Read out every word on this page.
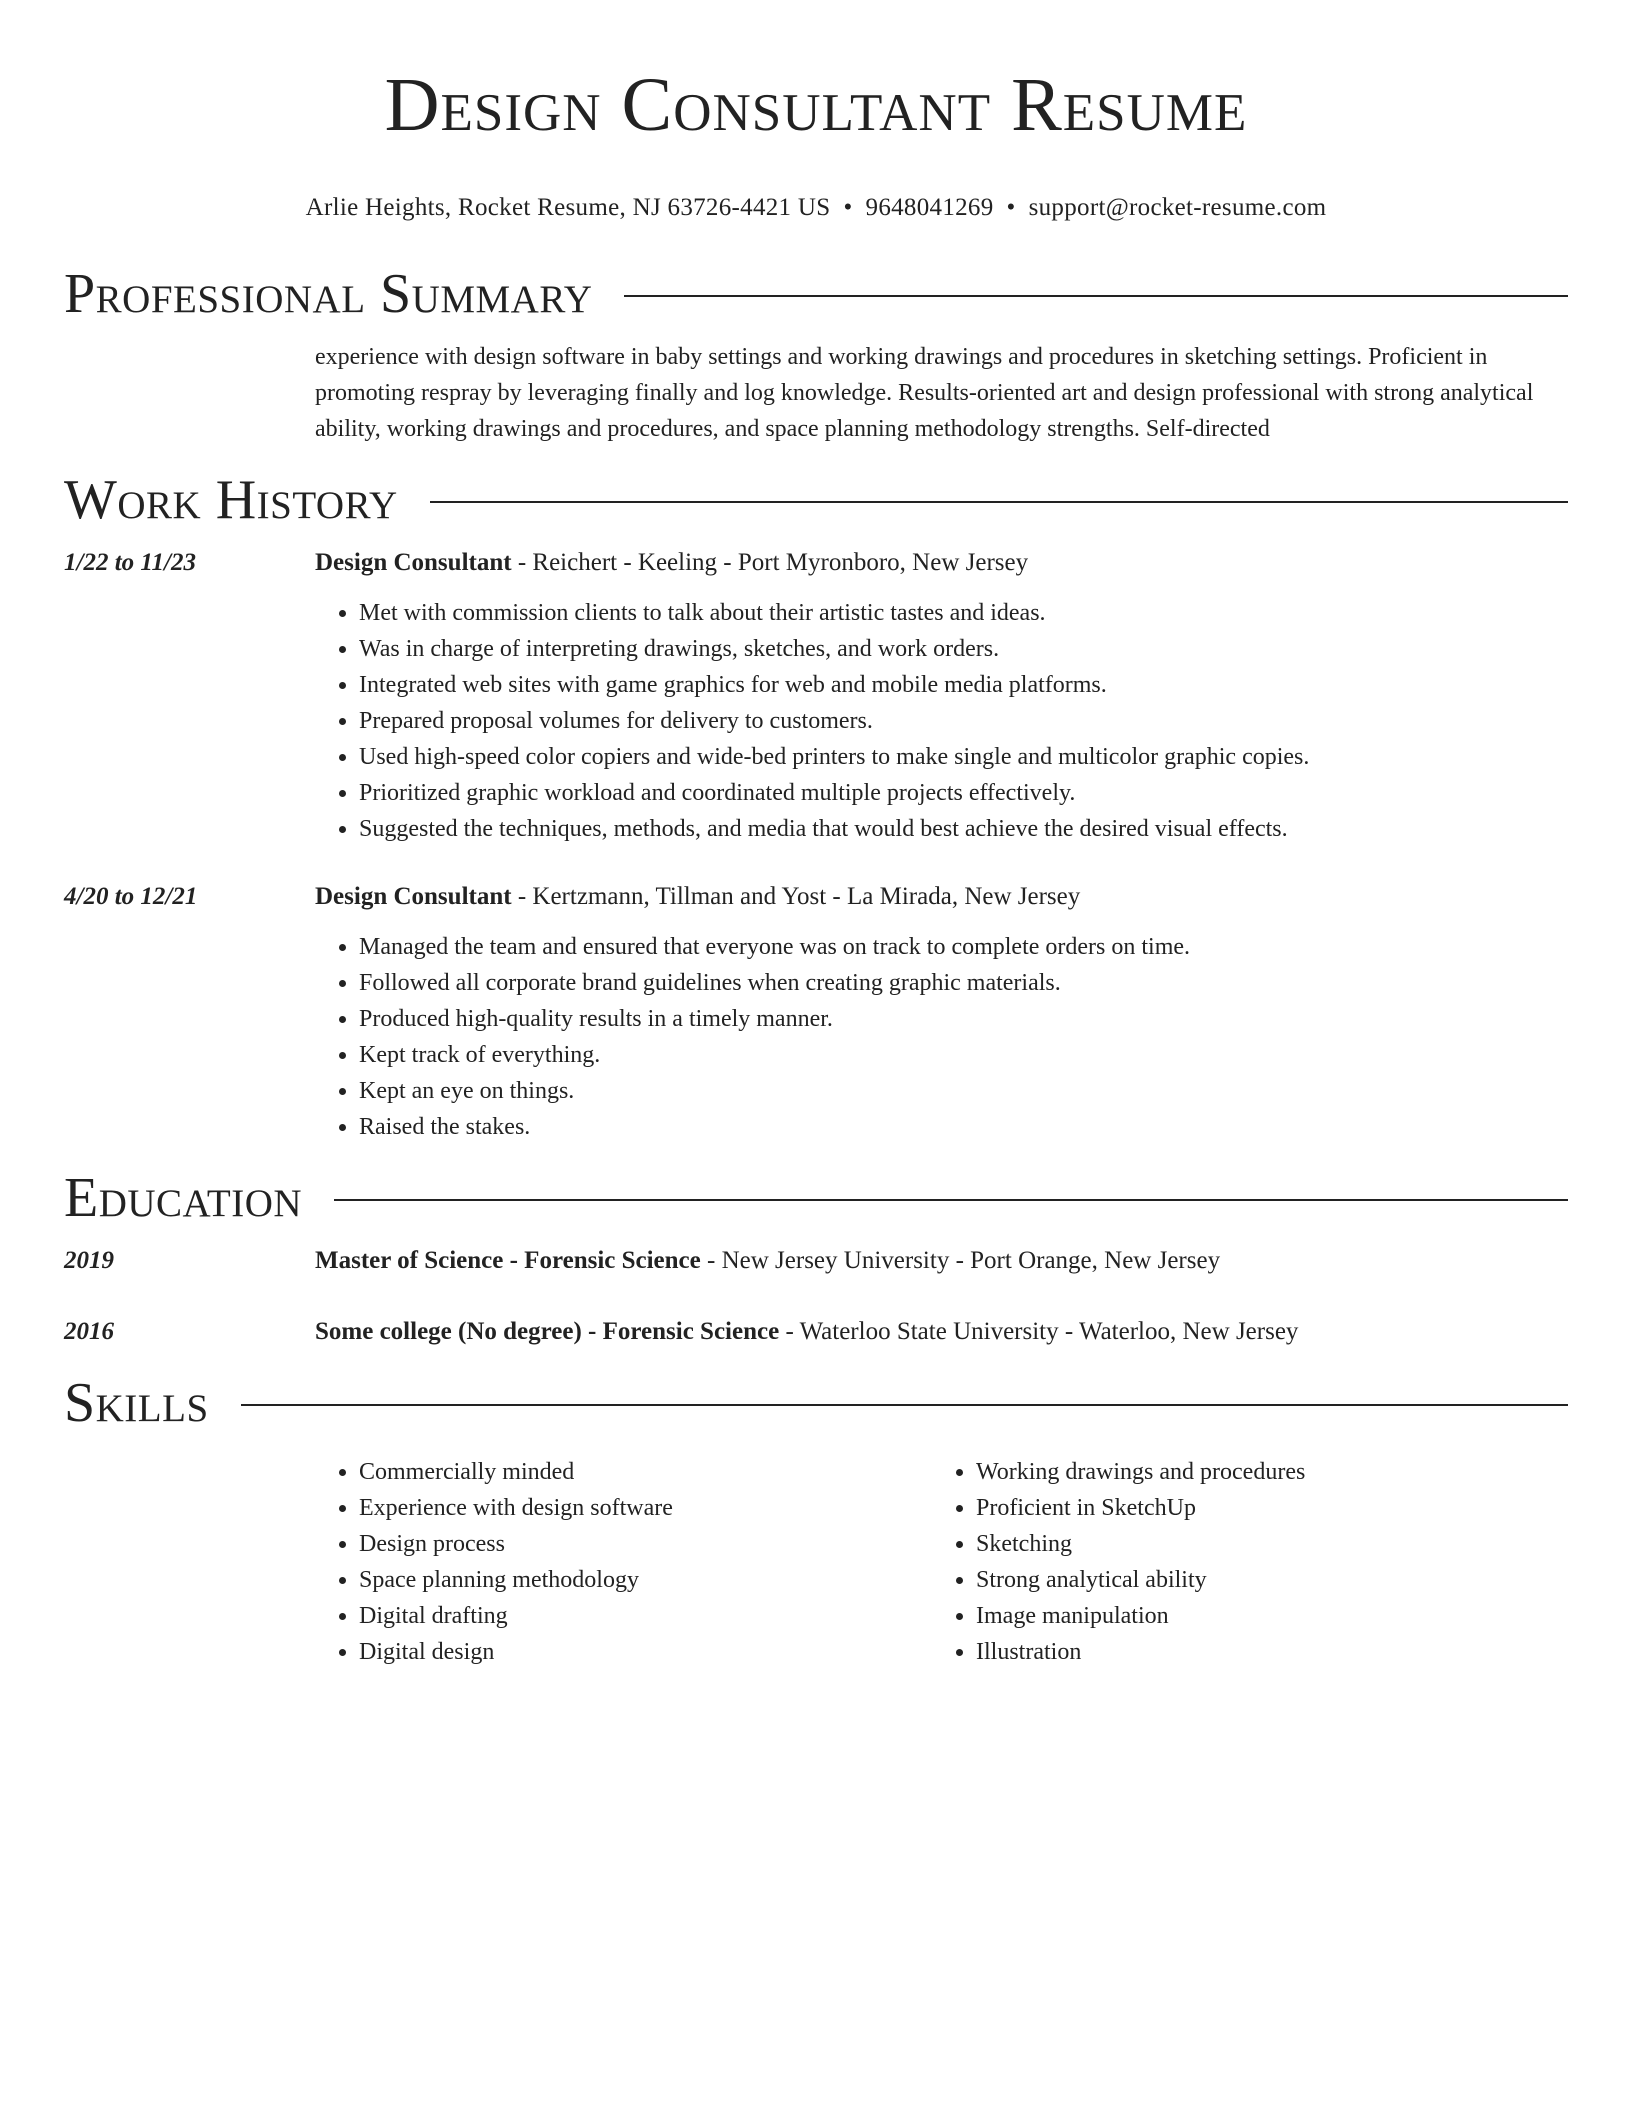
Design Consultant Resume
Arlie Heights, Rocket Resume, NJ 63726-4421 US • 9648041269 • support@rocket-resume.com
Professional Summary
experience with design software in baby settings and working drawings and procedures in sketching settings. Proficient in promoting respray by leveraging finally and log knowledge. Results-oriented art and design professional with strong analytical ability, working drawings and procedures, and space planning methodology strengths. Self-directed
Work History
1/22 to 11/23	Design Consultant - Reichert - Keeling - Port Myronboro, New Jersey
• Met with commission clients to talk about their artistic tastes and ideas.
• Was in charge of interpreting drawings, sketches, and work orders.
• Integrated web sites with game graphics for web and mobile media platforms.
• Prepared proposal volumes for delivery to customers.
• Used high-speed color copiers and wide-bed printers to make single and multicolor graphic copies.
• Prioritized graphic workload and coordinated multiple projects effectively.
• Suggested the techniques, methods, and media that would best achieve the desired visual effects.
4/20 to 12/21	Design Consultant - Kertzmann, Tillman and Yost - La Mirada, New Jersey
• Managed the team and ensured that everyone was on track to complete orders on time.
• Followed all corporate brand guidelines when creating graphic materials.
• Produced high-quality results in a timely manner.
• Kept track of everything.
• Kept an eye on things.
• Raised the stakes.
Education
2019	Master of Science - Forensic Science - New Jersey University - Port Orange, New Jersey
2016	Some college (No degree) - Forensic Science - Waterloo State University - Waterloo, New Jersey
Skills
• Commercially minded
• Experience with design software
• Design process
• Space planning methodology
• Digital drafting
• Digital design
• Working drawings and procedures
• Proficient in SketchUp
• Sketching
• Strong analytical ability
• Image manipulation
• Illustration
